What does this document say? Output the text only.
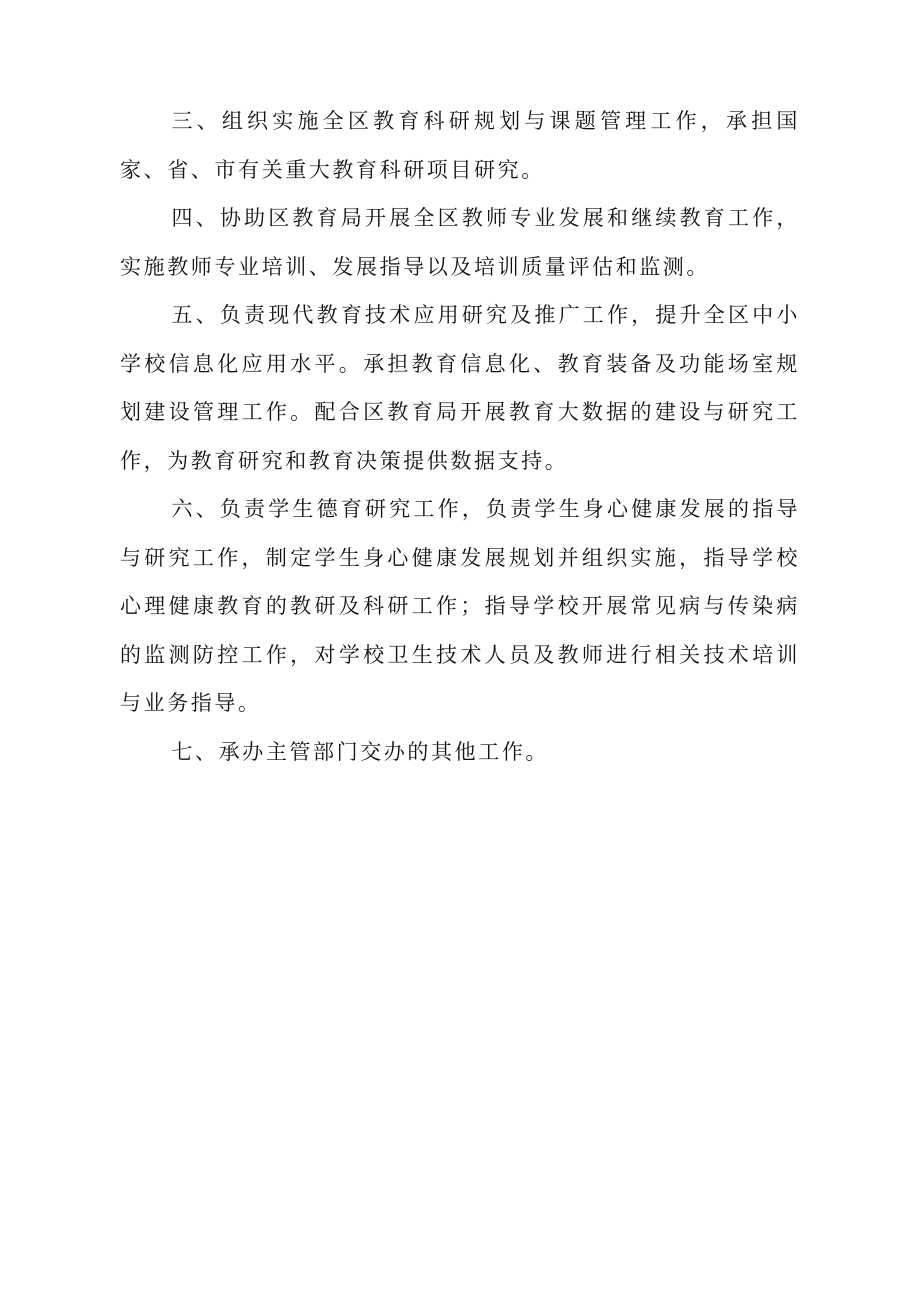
三、组织实施全区教育科研规划与课题管理工作，承担国家、省、市有关重大教育科研项目研究。

四、协助区教育局开展全区教师专业发展和继续教育工作，实施教师专业培训、发展指导以及培训质量评估和监测。

五、负责现代教育技术应用研究及推广工作，提升全区中小学校信息化应用水平。承担教育信息化、教育装备及功能场室规划建设管理工作。配合区教育局开展教育大数据的建设与研究工作，为教育研究和教育决策提供数据支持。

六、负责学生德育研究工作，负责学生身心健康发展的指导与研究工作，制定学生身心健康发展规划并组织实施，指导学校心理健康教育的教研及科研工作；指导学校开展常见病与传染病的监测防控工作，对学校卫生技术人员及教师进行相关技术培训与业务指导。

七、承办主管部门交办的其他工作。
